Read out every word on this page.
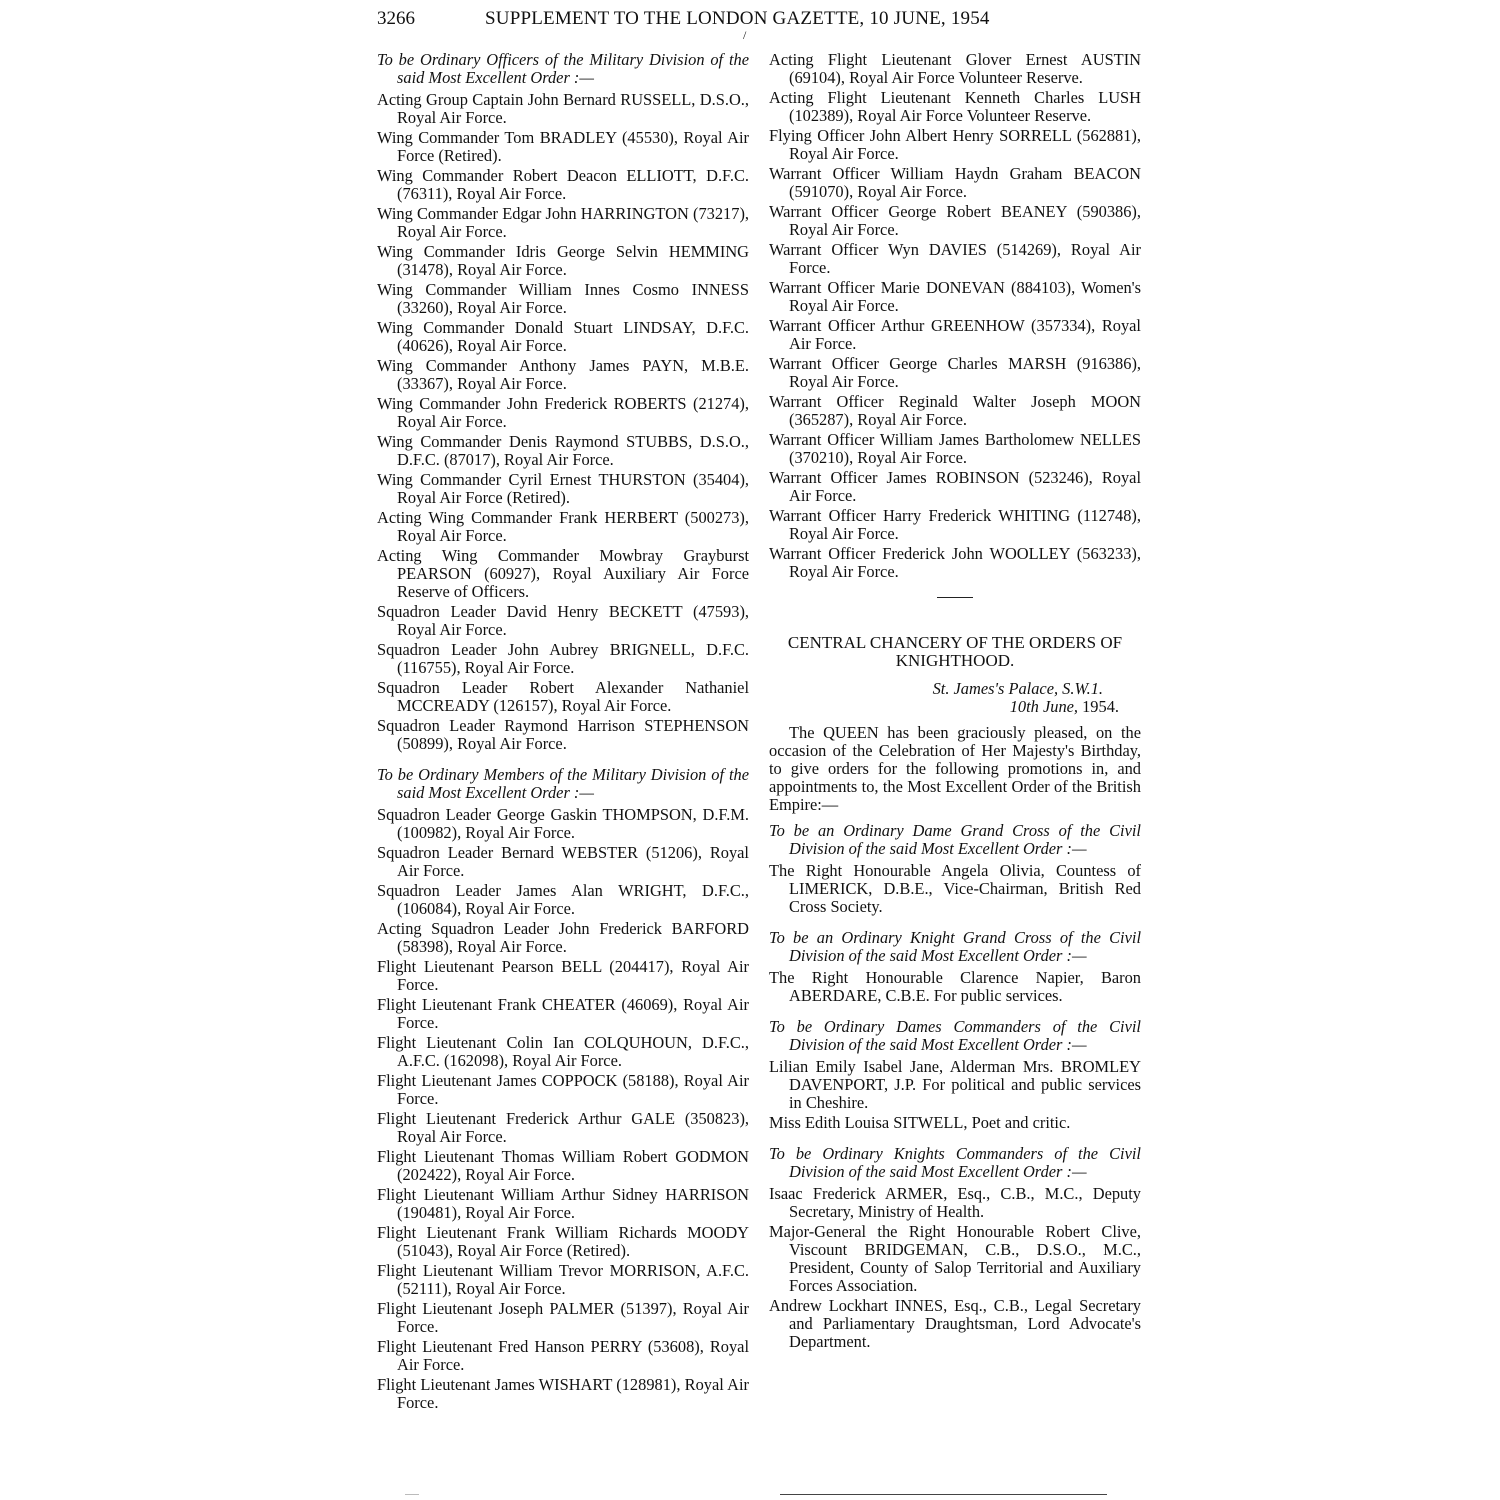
3266	SUPPLEMENT TO THE LONDON GAZETTE, 10 JUNE, 1954
/

To be Ordinary Officers of the Military Division of the said Most Excellent Order :—

Acting Group Captain John Bernard RUSSELL, D.S.O., Royal Air Force.

Wing Commander Tom BRADLEY (45530), Royal Air Force (Retired).

Wing Commander Robert Deacon ELLIOTT, D.F.C. (76311), Royal Air Force.

Wing Commander Edgar John HARRINGTON (73217), Royal Air Force.

Wing Commander Idris George Selvin HEMMING (31478), Royal Air Force.

Wing Commander William Innes Cosmo INNESS (33260), Royal Air Force.

Wing Commander Donald Stuart LINDSAY, D.F.C. (40626), Royal Air Force.

Wing Commander Anthony James PAYN, M.B.E. (33367), Royal Air Force.

Wing Commander John Frederick ROBERTS (21274), Royal Air Force.

Wing Commander Denis Raymond STUBBS, D.S.O., D.F.C. (87017), Royal Air Force.

Wing Commander Cyril Ernest THURSTON (35404), Royal Air Force (Retired).

Acting Wing Commander Frank HERBERT (500273), Royal Air Force.

Acting Wing Commander Mowbray Grayburst PEARSON (60927), Royal Auxiliary Air Force Reserve of Officers.

Squadron Leader David Henry BECKETT (47593), Royal Air Force.

Squadron Leader John Aubrey BRIGNELL, D.F.C. (116755), Royal Air Force.

Squadron Leader Robert Alexander Nathaniel MCCREADY (126157), Royal Air Force.

Squadron Leader Raymond Harrison STEPHENSON (50899), Royal Air Force.

To be Ordinary Members of the Military Division of the said Most Excellent Order :—

Squadron Leader George Gaskin THOMPSON, D.F.M. (100982), Royal Air Force.

Squadron Leader Bernard WEBSTER (51206), Royal Air Force.

Squadron Leader James Alan WRIGHT, D.F.C., (106084), Royal Air Force.

Acting Squadron Leader John Frederick BARFORD (58398), Royal Air Force.

Flight Lieutenant Pearson BELL (204417), Royal Air Force.

Flight Lieutenant Frank CHEATER (46069), Royal Air Force.

Flight Lieutenant Colin Ian COLQUHOUN, D.F.C., A.F.C. (162098), Royal Air Force.

Flight Lieutenant James COPPOCK (58188), Royal Air Force.

Flight Lieutenant Frederick Arthur GALE (350823), Royal Air Force.

Flight Lieutenant Thomas William Robert GODMON (202422), Royal Air Force.

Flight Lieutenant William Arthur Sidney HARRISON (190481), Royal Air Force.

Flight Lieutenant Frank William Richards MOODY (51043), Royal Air Force (Retired).

Flight Lieutenant William Trevor MORRISON, A.F.C. (52111), Royal Air Force.

Flight Lieutenant Joseph PALMER (51397), Royal Air Force.

Flight Lieutenant Fred Hanson PERRY (53608), Royal Air Force.

Flight Lieutenant James WISHART (128981), Royal Air Force.

Acting Flight Lieutenant Glover Ernest AUSTIN (69104), Royal Air Force Volunteer Reserve.

Acting Flight Lieutenant Kenneth Charles LUSH (102389), Royal Air Force Volunteer Reserve.

Flying Officer John Albert Henry SORRELL (562881), Royal Air Force.

Warrant Officer William Haydn Graham BEACON (591070), Royal Air Force.

Warrant Officer George Robert BEANEY (590386), Royal Air Force.

Warrant Officer Wyn DAVIES (514269), Royal Air Force.

Warrant Officer Marie DONEVAN (884103), Women's Royal Air Force.

Warrant Officer Arthur GREENHOW (357334), Royal Air Force.

Warrant Officer George Charles MARSH (916386), Royal Air Force.

Warrant Officer Reginald Walter Joseph MOON (365287), Royal Air Force.

Warrant Officer William James Bartholomew NELLES (370210), Royal Air Force.

Warrant Officer James ROBINSON (523246), Royal Air Force.

Warrant Officer Harry Frederick WHITING (112748), Royal Air Force.

Warrant Officer Frederick John WOOLLEY (563233), Royal Air Force.

CENTRAL CHANCERY OF THE ORDERS OF KNIGHTHOOD.

St. James's Palace, S.W.1.

10th June, 1954.

The QUEEN has been graciously pleased, on the occasion of the Celebration of Her Majesty's Birthday, to give orders for the following promotions in, and appointments to, the Most Excellent Order of the British Empire:—

To be an Ordinary Dame Grand Cross of the Civil Division of the said Most Excellent Order :—

The Right Honourable Angela Olivia, Countess of LIMERICK, D.B.E., Vice-Chairman, British Red Cross Society.

To be an Ordinary Knight Grand Cross of the Civil Division of the said Most Excellent Order :—

The Right Honourable Clarence Napier, Baron ABERDARE, C.B.E. For public services.

To be Ordinary Dames Commanders of the Civil Division of the said Most Excellent Order :—

Lilian Emily Isabel Jane, Alderman Mrs. BROMLEY DAVENPORT, J.P. For political and public services in Cheshire.

Miss Edith Louisa SITWELL, Poet and critic.

To be Ordinary Knights Commanders of the Civil Division of the said Most Excellent Order :—

Isaac Frederick ARMER, Esq., C.B., M.C., Deputy Secretary, Ministry of Health.

Major-General the Right Honourable Robert Clive, Viscount BRIDGEMAN, C.B., D.S.O., M.C., President, County of Salop Territorial and Auxiliary Forces Association.

Andrew Lockhart INNES, Esq., C.B., Legal Secretary and Parliamentary Draughtsman, Lord Advocate's Department.
